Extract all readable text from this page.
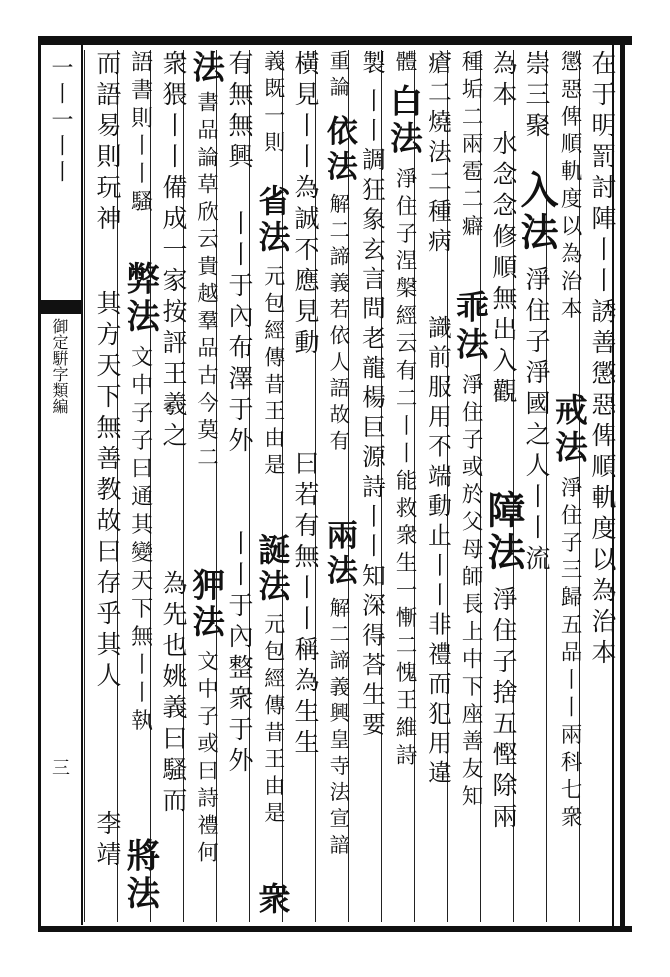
一丨一丨丨
御定騈字類編
三
在于明罰討陣丨丨誘善懲惡俾順軌度以為治本
懲惡俾順軌度以為治本
戒法
淨住子三歸五品丨丨兩科七衆
崇三聚
入法
淨住子淨國之人丨丨流
為本
水念念修順無出入觀
障法
淨住子捨五慳除兩
種垢二兩雹二癖
乖法
淨住子或於父母師長上中下座善友知
瘡二燒法二種病
識前服用不端動止丨丨非禮而犯用違
體
白法
淨住子涅槃經云有二丨丨能救衆生一慚二愧王維詩
製
丨丨調狂象玄言問老龍楊巨源詩丨丨知深得荅生要
重論
依法
解二諦義若依人語故有
兩法
解二諦義興皇寺法宣諳
橫見丨丨為誠不應見動
曰若有無丨丨稱為生生
義既一則
省法
元包經傳昔王由是
誕法
元包經傳昔王由是
衆
有無無興
丨丨于內布澤于外
丨丨于內整衆于外
法
書品論草欣云貴越羣品古今莫二
狎法
文中子或曰詩禮何
衆猥丨丨備成一家按評王羲之
為先也姚義曰騷而
語書則丨丨騷
弊法
文中子子曰通其變天下無丨丨執
將法
而語易則玩神
其方天下無善教故曰存乎其人
李靖
